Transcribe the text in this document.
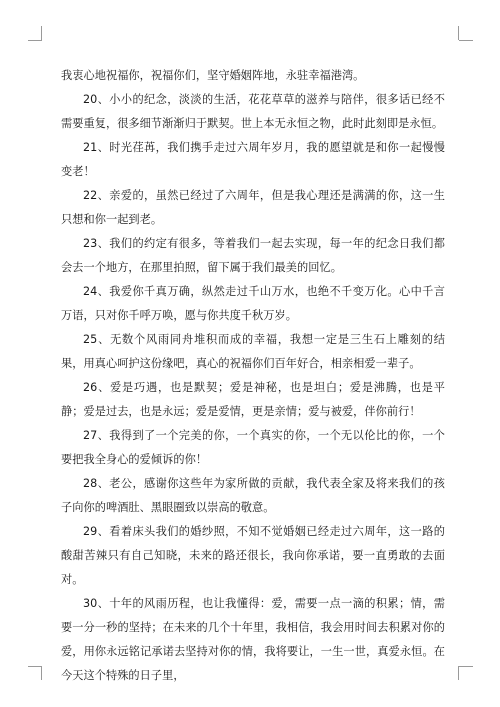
我衷心地祝福你，祝福你们，坚守婚姻阵地，永驻幸福港湾。

20、小小的纪念，淡淡的生活，花花草草的滋养与陪伴，很多话已经不需要重复，很多细节渐渐归于默契。世上本无永恒之物，此时此刻即是永恒。

21、时光荏苒，我们携手走过六周年岁月，我的愿望就是和你一起慢慢变老！

22、亲爱的，虽然已经过了六周年，但是我心理还是满满的你，这一生只想和你一起到老。

23、我们的约定有很多，等着我们一起去实现，每一年的纪念日我们都会去一个地方，在那里拍照，留下属于我们最美的回忆。

24、我爱你千真万确，纵然走过千山万水，也绝不千变万化。心中千言万语，只对你千呼万唤，愿与你共度千秋万岁。

25、无数个风雨同舟堆积而成的幸福，我想一定是三生石上雕刻的结果，用真心呵护这份缘吧，真心的祝福你们百年好合，相亲相爱一辈子。

26、爱是巧遇，也是默契；爱是神秘，也是坦白；爱是沸腾，也是平静；爱是过去，也是永远；爱是爱情，更是亲情；爱与被爱，伴你前行！

27、我得到了一个完美的你，一个真实的你，一个无以伦比的你，一个要把我全身心的爱倾诉的你！

28、老公，感谢你这些年为家所做的贡献，我代表全家及将来我们的孩子向你的啤酒肚、黑眼圈致以崇高的敬意。

29、看着床头我们的婚纱照，不知不觉婚姻已经走过六周年，这一路的酸甜苦辣只有自己知晓，未来的路还很长，我向你承诺，要一直勇敢的去面对。

30、十年的风雨历程，也让我懂得：爱，需要一点一滴的积累；情，需要一分一秒的坚持；在未来的几个十年里，我相信，我会用时间去积累对你的爱，用你永远铭记承诺去坚持对你的情，我将要让，一生一世，真爱永恒。在今天这个特殊的日子里，
